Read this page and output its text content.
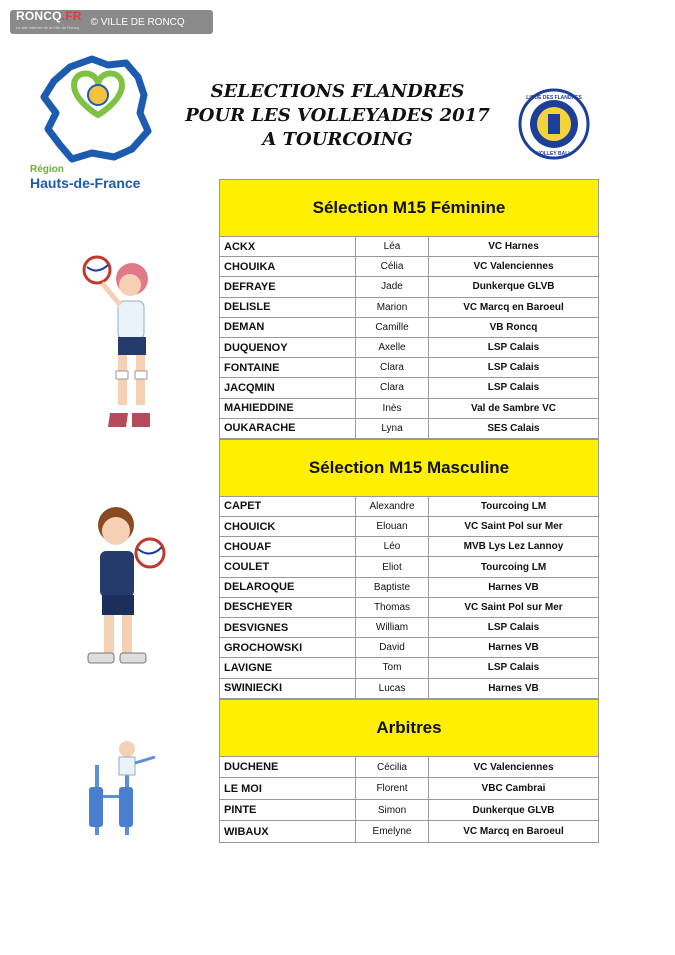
RONCQ.FR
Le site internet de la Ville de Roncq © VILLE DE RONCQ
Région
Hauts-de-France
SELECTIONS FLANDRES
POUR LES VOLLEYADES 2017
A TOURCOING
LIGUE DES FLANDRES
VOLLEY BALL
Sélection M15 Féminine
ACKX	Léa	VC Harnes
CHOUIKA	Célia	VC Valenciennes
DEFRAYE	Jade	Dunkerque GLVB
DELISLE	Marion	VC Marcq en Baroeul
DEMAN	Camille	VB Roncq
DUQUENOY	Axelle	LSP Calais
FONTAINE	Clara	LSP Calais
JACQMIN	Clara	LSP Calais
MAHIEDDINE	Inès	Val de Sambre VC
OUKARACHE	Lyna	SES Calais
Sélection M15 Masculine
CAPET	Alexandre	Tourcoing LM
CHOUICK	Elouan	VC Saint Pol sur Mer
CHOUAF	Léo	MVB Lys Lez Lannoy
COULET	Eliot	Tourcoing LM
DELAROQUE	Baptiste	Harnes VB
DESCHEYER	Thomas	VC Saint Pol sur Mer
DESVIGNES	William	LSP Calais
GROCHOWSKI	David	Harnes VB
LAVIGNE	Tom	LSP Calais
SWINIECKI	Lucas	Harnes VB
Arbitres
DUCHENE	Cécilia	VC Valenciennes
LE MOI	Florent	VBC Cambrai
PINTE	Simon	Dunkerque GLVB
WIBAUX	Emelyne	VC Marcq en Baroeul
